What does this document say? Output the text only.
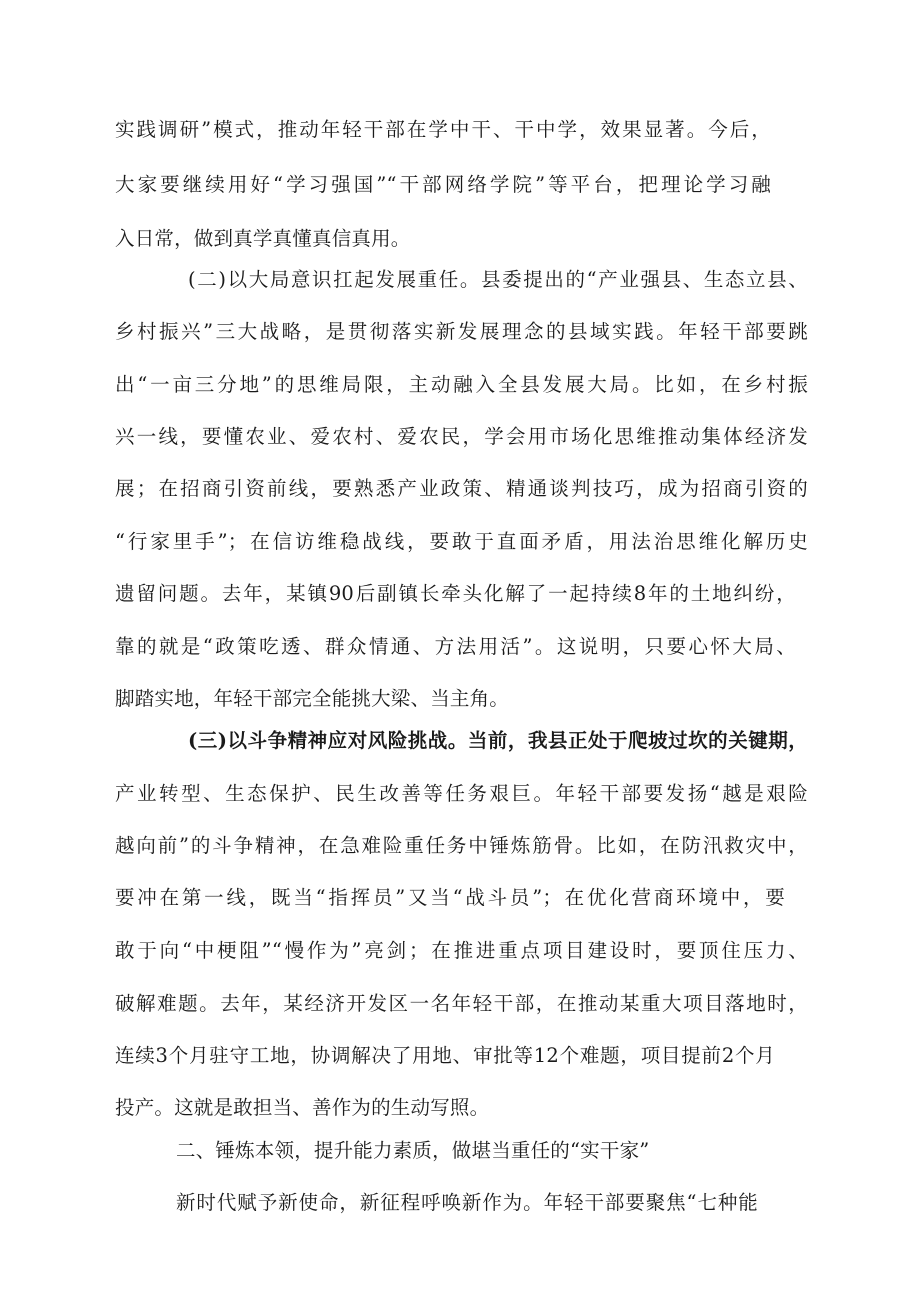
实践调研”模式，推动年轻干部在学中干、干中学，效果显著。今后，
大家要继续用好“学习强国”“干部网络学院”等平台，把理论学习融
入日常，做到真学真懂真信真用。
(二)以大局意识扛起发展重任。县委提出的“产业强县、生态立县、
乡村振兴”三大战略，是贯彻落实新发展理念的县域实践。年轻干部要跳
出“一亩三分地”的思维局限，主动融入全县发展大局。比如，在乡村振
兴一线，要懂农业、爱农村、爱农民，学会用市场化思维推动集体经济发
展；在招商引资前线，要熟悉产业政策、精通谈判技巧，成为招商引资的
“行家里手”；在信访维稳战线，要敢于直面矛盾，用法治思维化解历史
遗留问题。去年，某镇90后副镇长牵头化解了一起持续8年的土地纠纷，
靠的就是“政策吃透、群众情通、方法用活”。这说明，只要心怀大局、
脚踏实地，年轻干部完全能挑大梁、当主角。
(三)以斗争精神应对风险挑战。当前，我县正处于爬坡过坎的关键期，
产业转型、生态保护、民生改善等任务艰巨。年轻干部要发扬“越是艰险
越向前”的斗争精神，在急难险重任务中锤炼筋骨。比如，在防汛救灾中，
要冲在第一线，既当“指挥员”又当“战斗员”；在优化营商环境中，要
敢于向“中梗阻”“慢作为”亮剑；在推进重点项目建设时，要顶住压力、
破解难题。去年，某经济开发区一名年轻干部，在推动某重大项目落地时，
连续3个月驻守工地，协调解决了用地、审批等12个难题，项目提前2个月
投产。这就是敢担当、善作为的生动写照。
二、锤炼本领，提升能力素质，做堪当重任的“实干家”
新时代赋予新使命，新征程呼唤新作为。年轻干部要聚焦“七种能
